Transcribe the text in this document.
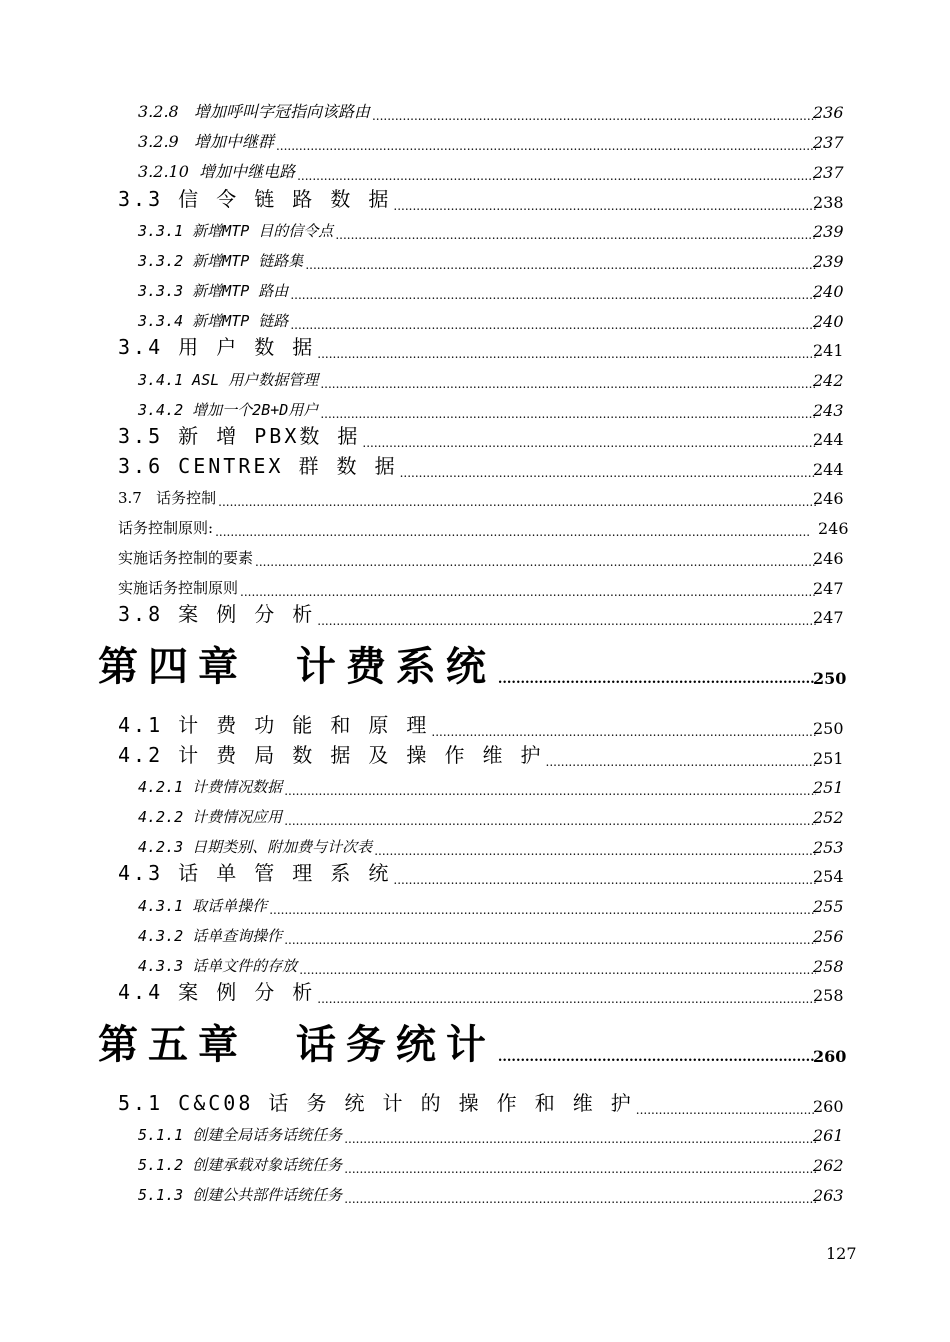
3.2.8   增加呼叫字冠指向该路由 .....	236
3.2.9   增加中继群 .....	237
3.2.10  增加中继电路 .....	237
3.3 信 令 链 路 数 据 .....	238
3.3.1 新增MTP 目的信令点 .....	239
3.3.2 新增MTP 链路集 .....	239
3.3.3 新增MTP 路由 .....	240
3.3.4 新增MTP 链路 .....	240
3.4 用 户 数 据 .....	241
3.4.1 ASL 用户数据管理 .....	242
3.4.2 增加一个2B+D用户 .....	243
3.5 新 增 PBX数 据 .....	244
3.6 CENTREX 群 数 据 .....	244
3.7   话务控制 .....	246
话务控制原则: .....	246
实施话务控制的要素 .....	246
实施话务控制原则 .....	247
3.8 案 例 分 析 .....	247
第四章  计费系统 .....	250
4.1 计 费 功 能 和 原 理 .....	250
4.2 计 费 局 数 据 及 操 作 维 护 .....	251
4.2.1 计费情况数据 .....	251
4.2.2 计费情况应用 .....	252
4.2.3 日期类别、附加费与计次表 .....	253
4.3 话 单 管 理 系 统 .....	254
4.3.1 取话单操作 .....	255
4.3.2 话单查询操作 .....	256
4.3.3 话单文件的存放 .....	258
4.4 案 例 分 析 .....	258
第五章  话务统计 .....	260
5.1 C&C08 话 务 统 计 的 操 作 和 维 护 .....	260
5.1.1 创建全局话务话统任务 .....	261
5.1.2 创建承载对象话统任务 .....	262
5.1.3 创建公共部件话统任务 .....	263
127
